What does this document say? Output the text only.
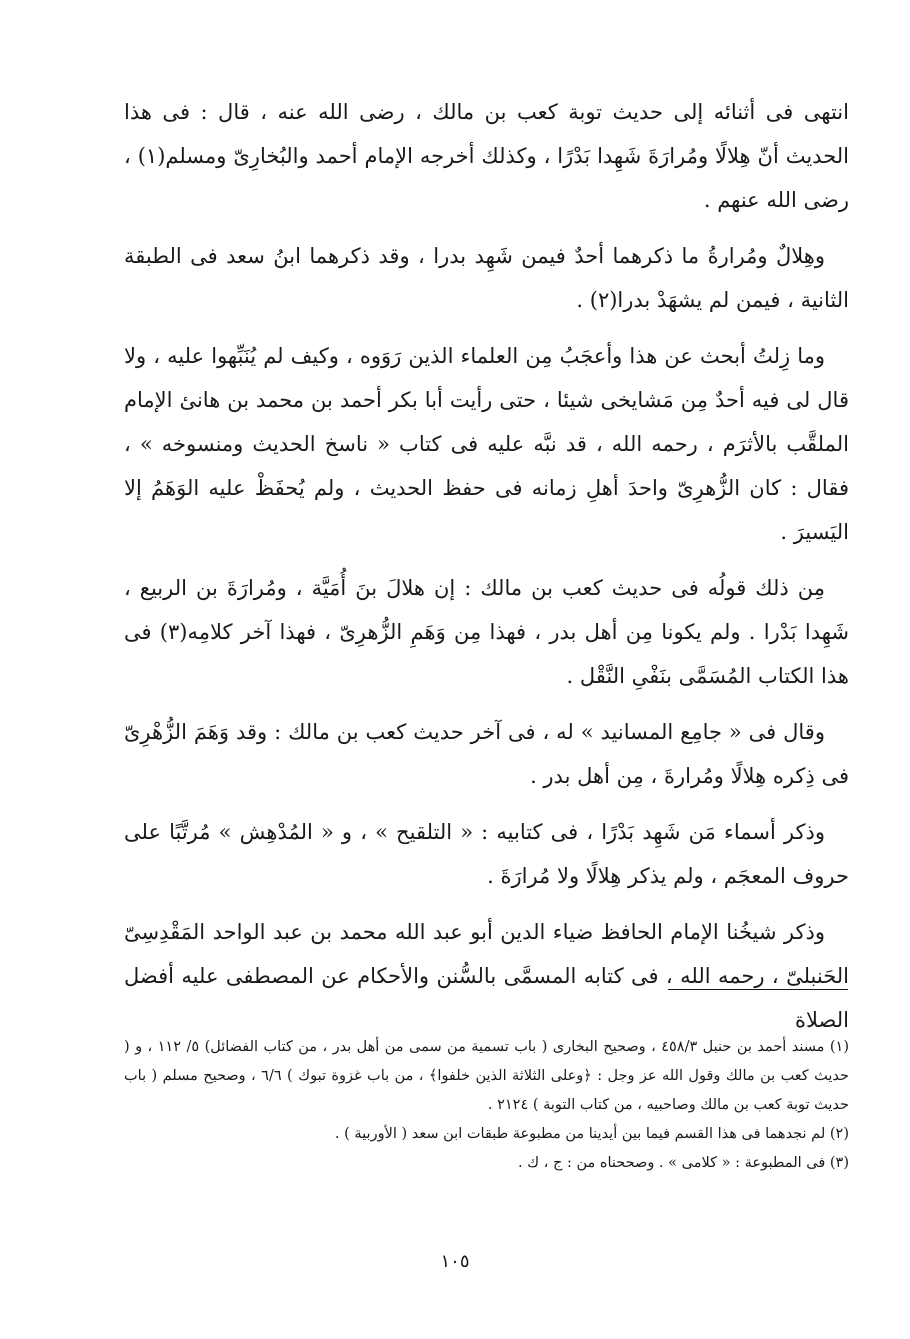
انتهى فى أثنائه إلى حديث توبة كعب بن مالك ، رضى الله عنه ، قال : فى هذا الحديث أنّ هِلالًا ومُرارَةَ شَهِدا بَدْرًا ، وكذلك أخرجه الإمام أحمد والبُخارِىّ ومسلم(١) ، رضى الله عنهم .

وهِلالٌ ومُرارةُ ما ذكرهما أحدٌ فيمن شَهِد بدرا ، وقد ذكرهما ابنُ سعد فى الطبقة الثانية ، فيمن لم يشهَدْ بدرا(٢) .

وما زِلتُ أبحث عن هذا وأعجَبُ مِن العلماء الذين رَوَوه ، وكيف لم يُنَبِّهوا عليه ، ولا قال لى فيه أحدٌ مِن مَشايخى شيئا ، حتى رأيت أبا بكر أحمد بن محمد بن هانئ الإمام الملقَّب بالأثرَم ، رحمه الله ، قد نبَّه عليه فى كتاب « ناسخ الحديث ومنسوخه » ، فقال : كان الزُّهرِىّ واحدَ أهلِ زمانه فى حفظ الحديث ، ولم يُحفَظْ عليه الوَهَمُ إلا اليَسيرَ .

مِن ذلك قولُه فى حديث كعب بن مالك : إن هلالَ بنَ أُمَيَّة ، ومُرارَةَ بن الربيع ، شَهِدا بَدْرا . ولم يكونا مِن أهل بدر ، فهذا مِن وَهَمِ الزُّهرِىّ ، فهذا آخر كلامِه(٣) فى هذا الكتاب المُسَمَّى بنَفْىِ النَّقْل .

وقال فى « جامِع المسانيد » له ، فى آخر حديث كعب بن مالك : وقد وَهَمَ الزُّهْرِىّ فى ذِكره هِلالًا ومُرارةَ ، مِن أهل بدر .

وذكر أسماء مَن شَهِد بَدْرًا ، فى كتابيه : « التلقيح » ، و « المُدْهِش » مُرتَّبًا على حروف المعجَم ، ولم يذكر هِلالًا ولا مُرارَةَ .

وذكر شيخُنا الإمام الحافظ ضياء الدين أبو عبد الله محمد بن عبد الواحد المَقْدِسِىّ الحَنبلىّ ، رحمه الله ، فى كتابه المسمَّى بالسُّنن والأحكام عن المصطفى عليه أفضل الصلاة

(١) مسند أحمد بن حنبل ٤٥٨/٣ ، وصحيح البخارى ( باب تسمية من سمى من أهل بدر ، من كتاب الفضائل) ٥/ ١١٢ ، و ( حديث كعب بن مالك وقول الله عز وجل : ﴿وعلى الثلاثة الذين خلفوا﴾ ، من باب غزوة تبوك ) ٦/٦ ، وصحيح مسلم ( باب حديث توبة كعب بن مالك وصاحبيه ، من كتاب التوبة ) ٢١٢٤ .

(٢) لم نجدهما فى هذا القسم فيما بين أيدينا من مطبوعة طبقات ابن سعد ( الأوربية ) .

(٣) فى المطبوعة : « كلامى » . وصححناه من : ج ، ك .

١٠٥
